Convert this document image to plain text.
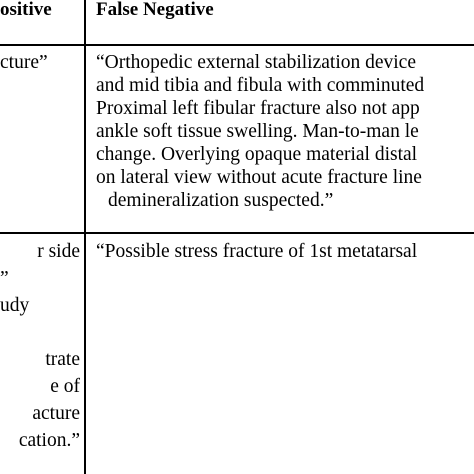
ositive False Negative

cture” “Orthopedic external stabilization device
and mid tibia and fibula with comminuted
Proximal left fibular fracture also not app
ankle soft tissue swelling. Man-to-man le
change. Overlying opaque material distal
on lateral view without acute fracture line
demineralization suspected.”
r side
”
udy
trate
e of
acture
cation.”
“Possible stress fracture of 1st metatarsal
